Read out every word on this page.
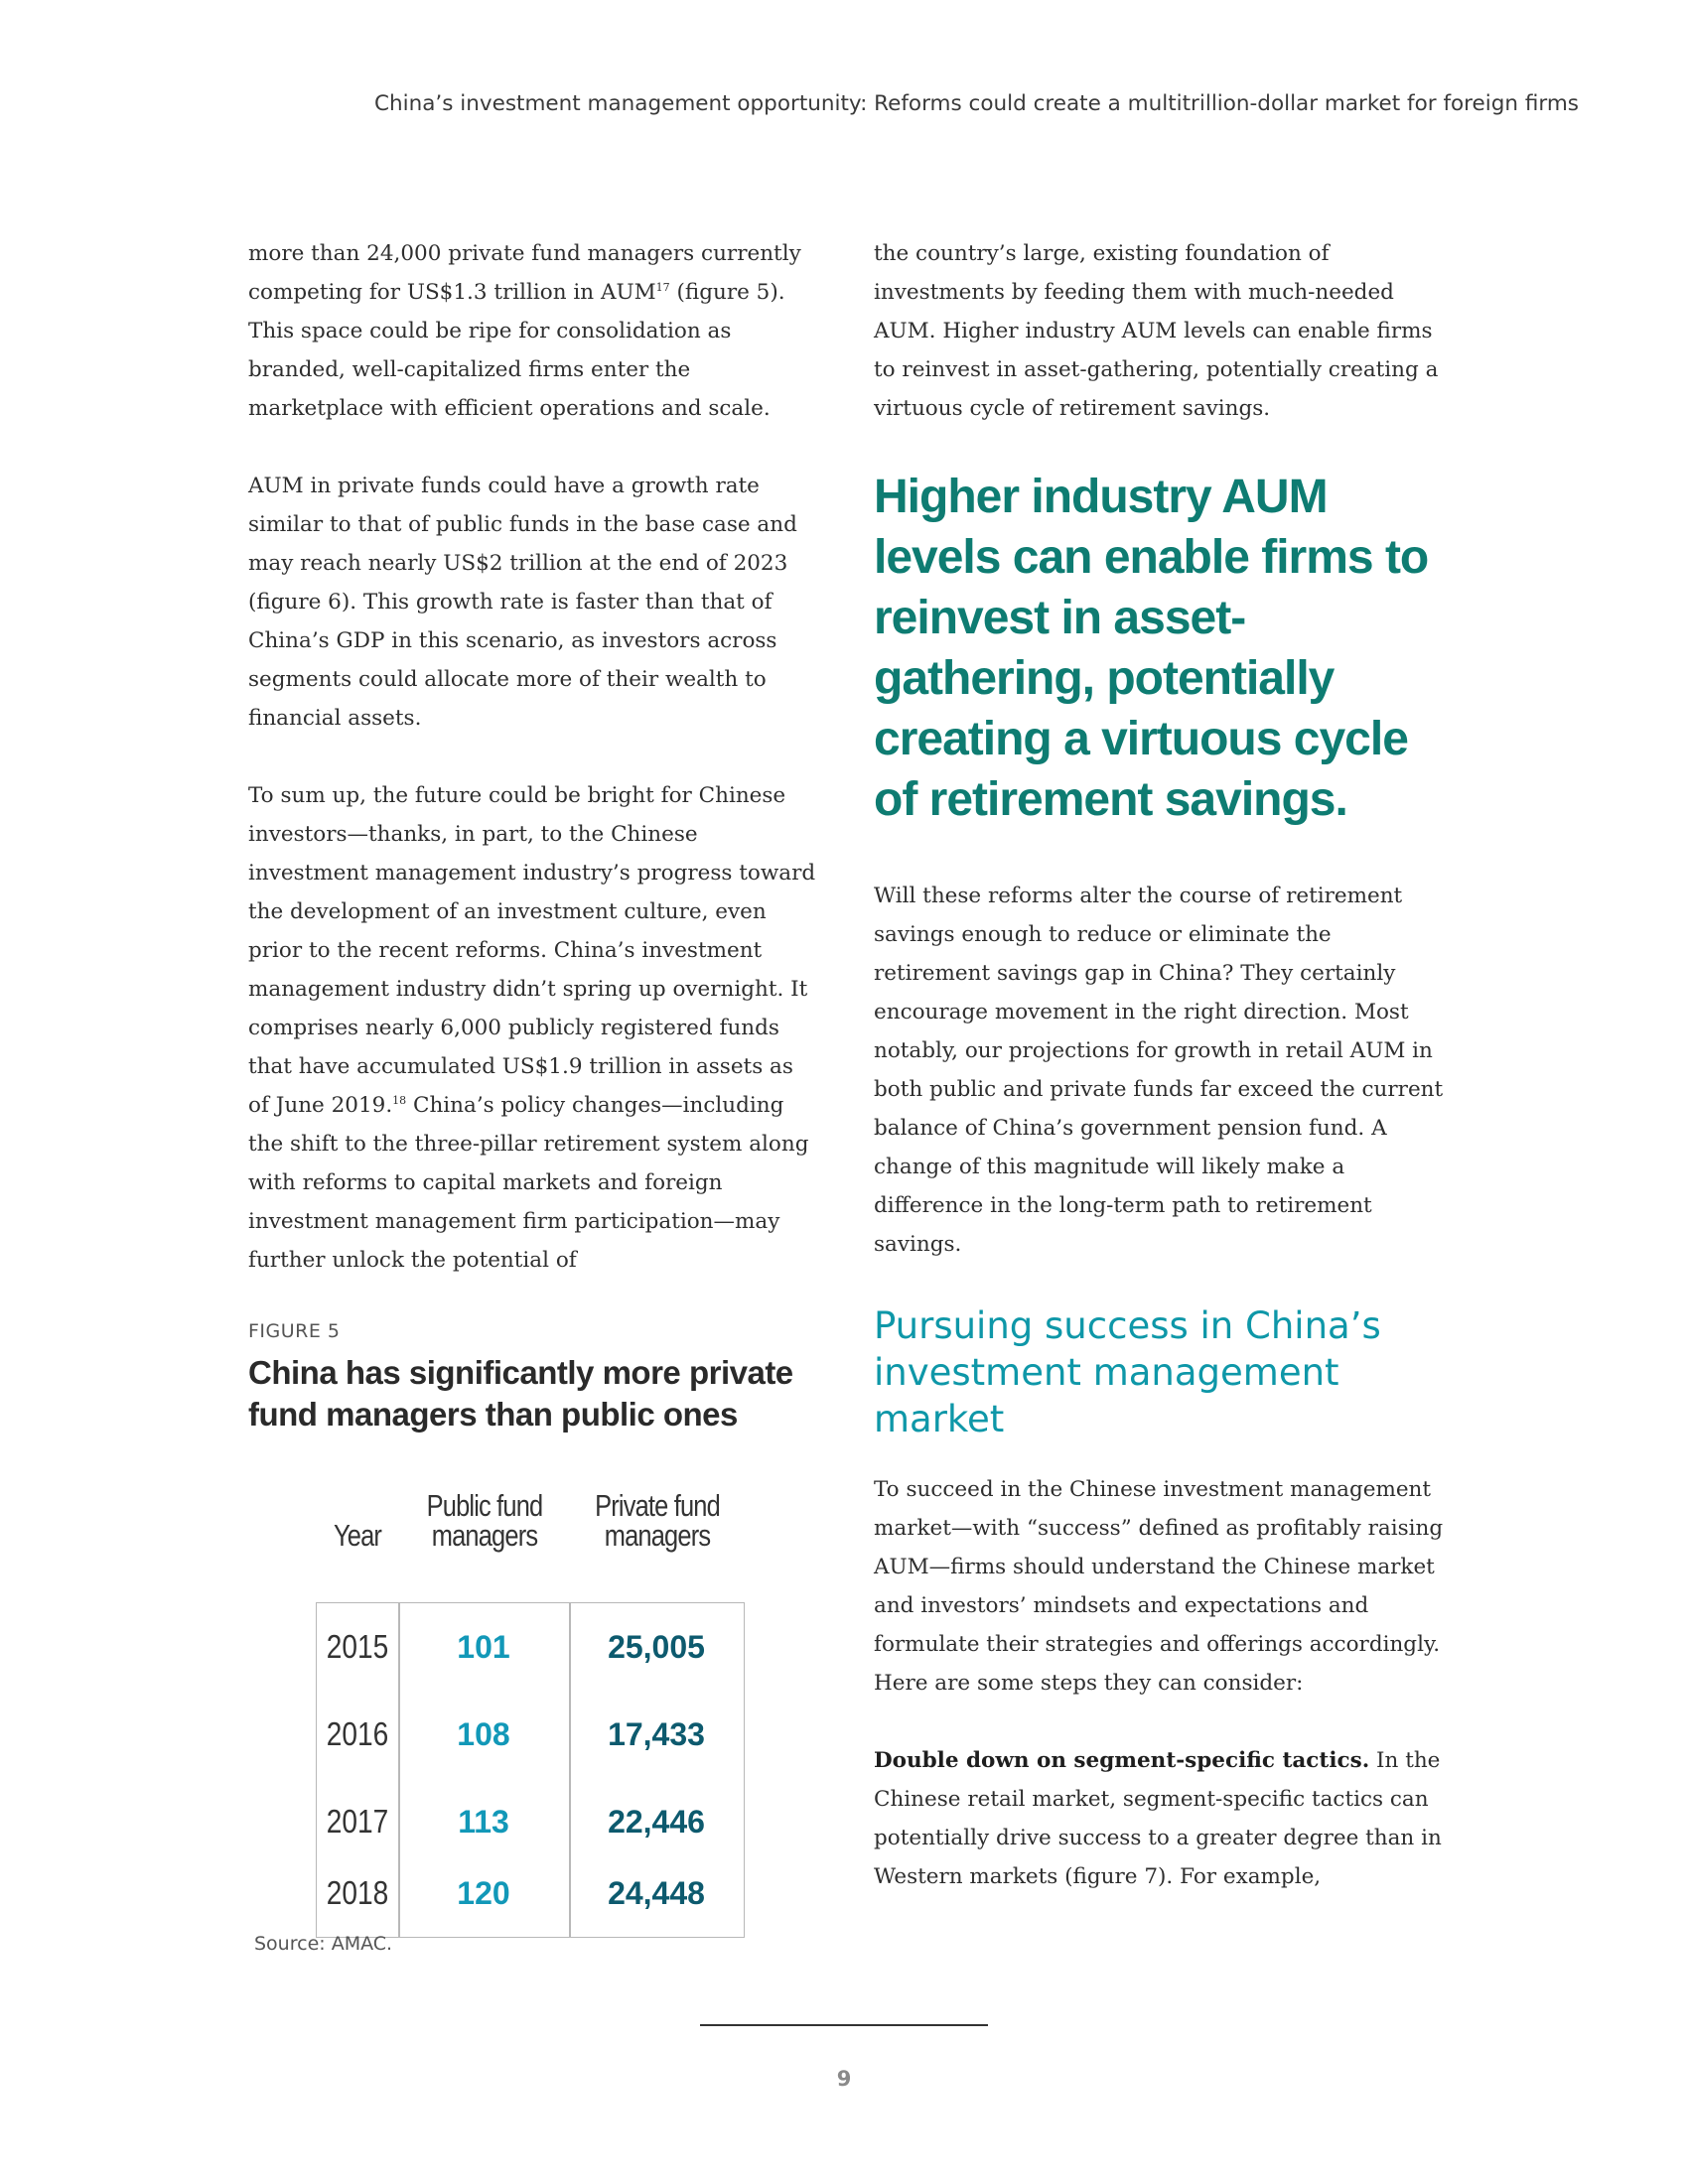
China’s investment management opportunity: Reforms could create a multitrillion-dollar market for foreign firms

more than 24,000 private fund managers currently competing for US$1.3 trillion in AUM$^{17}$ (figure 5). This space could be ripe for consolidation as branded, well-capitalized firms enter the marketplace with efficient operations and scale.

AUM in private funds could have a growth rate similar to that of public funds in the base case and may reach nearly US$2 trillion at the end of 2023 (figure 6). This growth rate is faster than that of China’s GDP in this scenario, as investors across segments could allocate more of their wealth to financial assets.

To sum up, the future could be bright for Chinese investors—thanks, in part, to the Chinese investment management industry’s progress toward the development of an investment culture, even prior to the recent reforms. China’s investment management industry didn’t spring up overnight. It comprises nearly 6,000 publicly registered funds that have accumulated US$1.9 trillion in assets as of June 2019.18 China’s policy changes—including the shift to the three-pillar retirement system along with reforms to capital markets and foreign investment management firm participation—may further unlock the potential of

the country’s large, existing foundation of investments by feeding them with much-needed AUM. Higher industry AUM levels can enable firms to reinvest in asset-gathering, potentially creating a virtuous cycle of retirement savings.

Higher industry AUM levels can enable firms to reinvest in asset-gathering, potentially creating a virtuous cycle of retirement savings.

Will these reforms alter the course of retirement savings enough to reduce or eliminate the retirement savings gap in China? They certainly encourage movement in the right direction. Most notably, our projections for growth in retail AUM in both public and private funds far exceed the current balance of China’s government pension fund. A change of this magnitude will likely make a difference in the long-term path to retirement savings.

Pursuing success in China’s investment management market

To succeed in the Chinese investment management market—with “success” defined as profitably raising AUM—firms should understand the Chinese market and investors’ mindsets and expectations and formulate their strategies and offerings accordingly. Here are some steps they can consider:

Double down on segment-specific tactics. In the Chinese retail market, segment-specific tactics can potentially drive success to a greater degree than in Western markets (figure 7). For example,

FIGURE 5
China has significantly more private fund managers than public ones
Year
Public fund managers
Private fund managers
2015	101	25,005
2016	108	17,433
2017	113	22,446
2018	120	24,448
Source: AMAC.
9
